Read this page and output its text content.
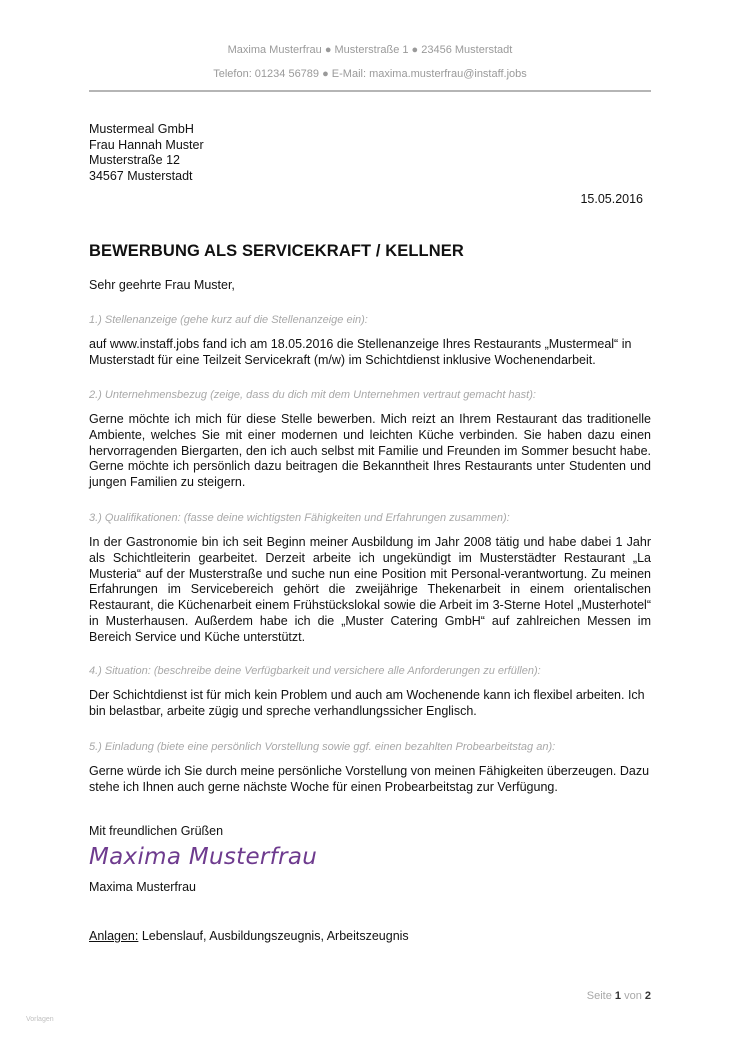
Maxima Musterfrau ● Musterstraße 1 ● 23456 Musterstadt
Telefon: 01234 56789 ● E-Mail: maxima.musterfrau@instaff.jobs
Mustermeal GmbH
Frau Hannah Muster
Musterstraße 12
34567 Musterstadt
15.05.2016
BEWERBUNG ALS SERVICEKRAFT / KELLNER
Sehr geehrte Frau Muster,
1.) Stellenanzeige (gehe kurz auf die Stellenanzeige ein):
auf www.instaff.jobs fand ich am 18.05.2016 die Stellenanzeige Ihres Restaurants „Mustermeal“ in Musterstadt für eine Teilzeit Servicekraft (m/w) im Schichtdienst inklusive Wochenendarbeit.
2.) Unternehmensbezug (zeige, dass du dich mit dem Unternehmen vertraut gemacht hast):
Gerne möchte ich mich für diese Stelle bewerben. Mich reizt an Ihrem Restaurant das traditionelle Ambiente, welches Sie mit einer modernen und leichten Küche verbinden. Sie haben dazu einen hervorragenden Biergarten, den ich auch selbst mit Familie und Freunden im Sommer besucht habe. Gerne möchte ich persönlich dazu beitragen die Bekanntheit Ihres Restaurants unter Studenten und jungen Familien zu steigern.
3.) Qualifikationen: (fasse deine wichtigsten Fähigkeiten und Erfahrungen zusammen):
In der Gastronomie bin ich seit Beginn meiner Ausbildung im Jahr 2008 tätig und habe dabei 1 Jahr als Schichtleiterin gearbeitet. Derzeit arbeite ich ungekündigt im Musterstädter Restaurant „La Musteria“ auf der Musterstraße und suche nun eine Position mit Personal-verantwortung. Zu meinen Erfahrungen im Servicebereich gehört die zweijährige Thekenarbeit in einem orientalischen Restaurant, die Küchenarbeit einem Frühstückslokal sowie die Arbeit im 3-Sterne Hotel „Musterhotel“ in Musterhausen. Außerdem habe ich die „Muster Catering GmbH“ auf zahlreichen Messen im Bereich Service und Küche unterstützt.
4.) Situation: (beschreibe deine Verfügbarkeit und versichere alle Anforderungen zu erfüllen):
Der Schichtdienst ist für mich kein Problem und auch am Wochenende kann ich flexibel arbeiten. Ich bin belastbar, arbeite zügig und spreche verhandlungssicher Englisch.
5.) Einladung (biete eine persönlich Vorstellung sowie ggf. einen bezahlten Probearbeitstag an):
Gerne würde ich Sie durch meine persönliche Vorstellung von meinen Fähigkeiten überzeugen. Dazu stehe ich Ihnen auch gerne nächste Woche für einen Probearbeitstag zur Verfügung.
Mit freundlichen Grüßen
Maxima Musterfrau
Maxima Musterfrau
Anlagen: Lebenslauf, Ausbildungszeugnis, Arbeitszeugnis
Seite 1 von 2
Vorlagen
